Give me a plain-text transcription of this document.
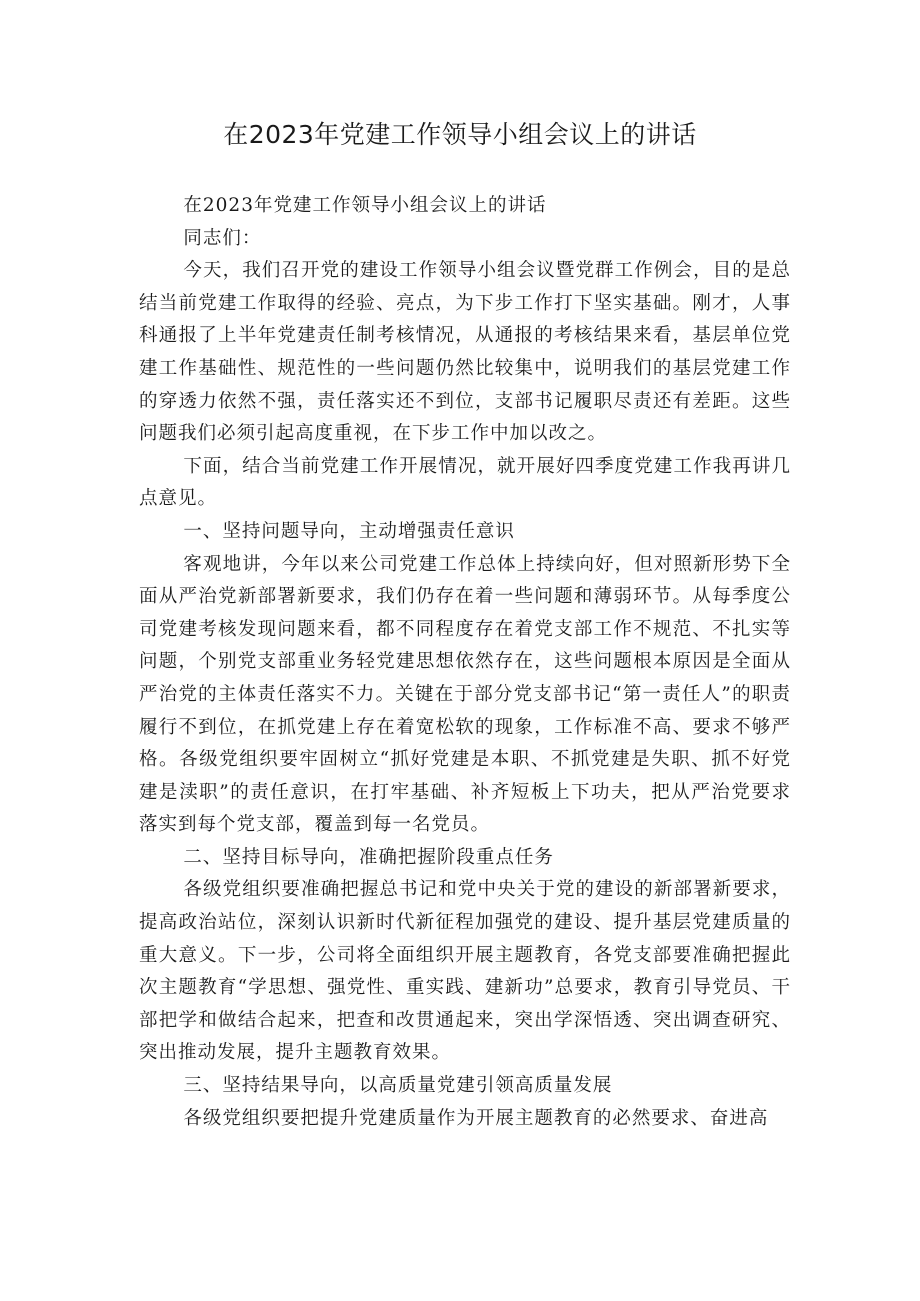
在2023年党建工作领导小组会议上的讲话

在2023年党建工作领导小组会议上的讲话

同志们：

今天，我们召开党的建设工作领导小组会议暨党群工作例会，目的是总结当前党建工作取得的经验、亮点，为下步工作打下坚实基础。刚才，人事科通报了上半年党建责任制考核情况，从通报的考核结果来看，基层单位党建工作基础性、规范性的一些问题仍然比较集中，说明我们的基层党建工作的穿透力依然不强，责任落实还不到位，支部书记履职尽责还有差距。这些问题我们必须引起高度重视，在下步工作中加以改之。

下面，结合当前党建工作开展情况，就开展好四季度党建工作我再讲几点意见。

一、坚持问题导向，主动增强责任意识

客观地讲，今年以来公司党建工作总体上持续向好，但对照新形势下全面从严治党新部署新要求，我们仍存在着一些问题和薄弱环节。从每季度公司党建考核发现问题来看，都不同程度存在着党支部工作不规范、不扎实等问题，个别党支部重业务轻党建思想依然存在，这些问题根本原因是全面从严治党的主体责任落实不力。关键在于部分党支部书记“第一责任人”的职责履行不到位，在抓党建上存在着宽松软的现象，工作标准不高、要求不够严格。各级党组织要牢固树立“抓好党建是本职、不抓党建是失职、抓不好党建是渎职”的责任意识，在打牢基础、补齐短板上下功夫，把从严治党要求落实到每个党支部，覆盖到每一名党员。

二、坚持目标导向，准确把握阶段重点任务

各级党组织要准确把握总书记和党中央关于党的建设的新部署新要求，提高政治站位，深刻认识新时代新征程加强党的建设、提升基层党建质量的重大意义。下一步，公司将全面组织开展主题教育，各党支部要准确把握此次主题教育“学思想、强党性、重实践、建新功”总要求，教育引导党员、干部把学和做结合起来，把查和改贯通起来，突出学深悟透、突出调查研究、突出推动发展，提升主题教育效果。

三、坚持结果导向，以高质量党建引领高质量发展

各级党组织要把提升党建质量作为开展主题教育的必然要求、奋进高
